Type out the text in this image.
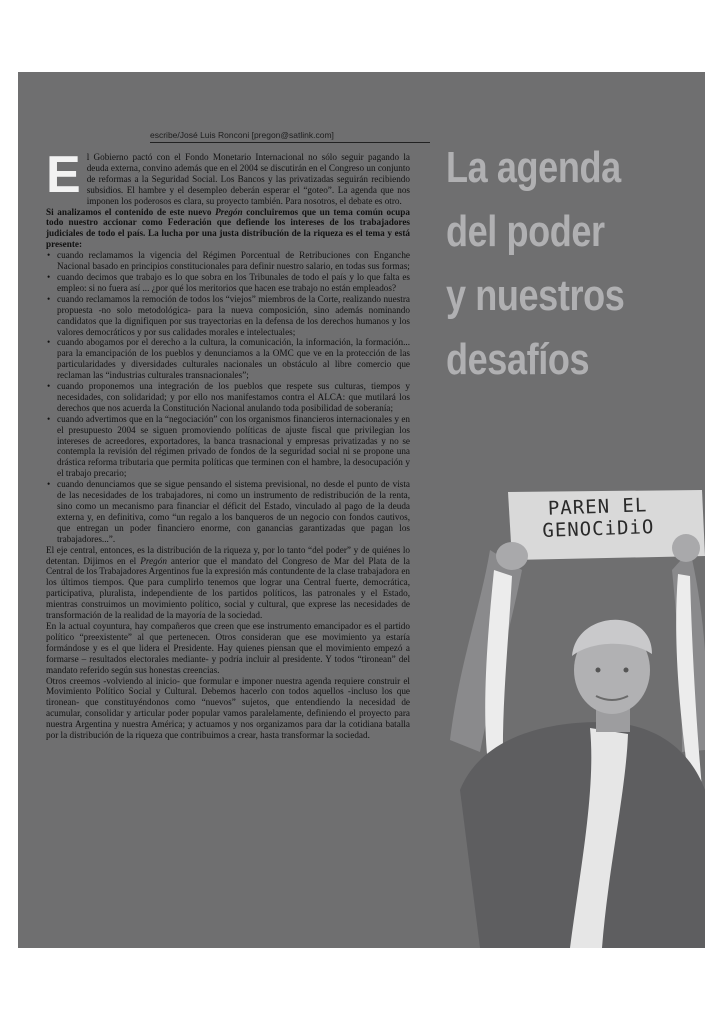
escribe/José Luis Ronconi [pregon@satlink.com]
La agenda
del poder
y nuestros
desafíos

El Gobierno pactó con el Fondo Monetario Internacional no sólo seguir pagando la deuda externa, convino además que en el 2004 se discutirán en el Congreso un conjunto de reformas a la Seguridad Social. Los Bancos y las privatizadas seguirán recibiendo subsidios. El hambre y el desempleo deberán esperar el “goteo”. La agenda que nos imponen los poderosos es clara, su proyecto también. Para nosotros, el debate es otro.

Si analizamos el contenido de este nuevo Pregón concluiremos que un tema común ocupa todo nuestro accionar como Federación que defiende los intereses de los trabajadores judiciales de todo el país. La lucha por una justa distribución de la riqueza es el tema y está presente:

• cuando reclamamos la vigencia del Régimen Porcentual de Retribuciones con Enganche Nacional basado en principios constitucionales para definir nuestro salario, en todas sus formas;
• cuando decimos que trabajo es lo que sobra en los Tribunales de todo el país y lo que falta es empleo: si no fuera así ... ¿por qué los meritorios que hacen ese trabajo no están empleados?
• cuando reclamamos la remoción de todos los “viejos” miembros de la Corte, realizando nuestra propuesta -no solo metodológica- para la nueva composición, sino además nominando candidatos que la dignifiquen por sus trayectorias en la defensa de los derechos humanos y los valores democráticos y por sus calidades morales e intelectuales;
• cuando abogamos por el derecho a la cultura, la comunicación, la información, la formación... para la emancipación de los pueblos y denunciamos a la OMC que ve en la protección de las particularidades y diversidades culturales nacionales un obstáculo al libre comercio que reclaman las “industrias culturales transnacionales”;
• cuando proponemos una integración de los pueblos que respete sus culturas, tiempos y necesidades, con solidaridad; y por ello nos manifestamos contra el ALCA: que mutilará los derechos que nos acuerda la Constitución Nacional anulando toda posibilidad de soberanía;
• cuando advertimos que en la “negociación” con los organismos financieros internacionales y en el presupuesto 2004 se siguen promoviendo políticas de ajuste fiscal que privilegian los intereses de acreedores, exportadores, la banca trasnacional y empresas privatizadas y no se contempla la revisión del régimen privado de fondos de la seguridad social ni se propone una drástica reforma tributaria que permita políticas que terminen con el hambre, la desocupación y el trabajo precario;
• cuando denunciamos que se sigue pensando el sistema previsional, no desde el punto de vista de las necesidades de los trabajadores, ni como un instrumento de redistribución de la renta, sino como un mecanismo para financiar el déficit del Estado, vinculado al pago de la deuda externa y, en definitiva, como “un regalo a los banqueros de un negocio con fondos cautivos, que entregan un poder financiero enorme, con ganancias garantizadas que pagan los trabajadores...”.

El eje central, entonces, es la distribución de la riqueza y, por lo tanto “del poder” y de quiénes lo detentan. Dijimos en el Pregón anterior que el mandato del Congreso de Mar del Plata de la Central de los Trabajadores Argentinos fue la expresión más contundente de la clase trabajadora en los últimos tiempos. Que para cumplirlo tenemos que lograr una Central fuerte, democrática, participativa, pluralista, independiente de los partidos políticos, las patronales y el Estado, mientras construimos un movimiento político, social y cultural, que exprese las necesidades de transformación de la realidad de la mayoría de la sociedad.

En la actual coyuntura, hay compañeros que creen que ese instrumento emancipador es el partido político “preexistente” al que pertenecen. Otros consideran que ese movimiento ya estaría formándose y es el que lidera el Presidente. Hay quienes piensan que el movimiento empezó a formarse – resultados electorales mediante- y podría incluir al presidente. Y todos “tironean” del mandato referido según sus honestas creencias.

Otros creemos -volviendo al inicio- que formular e imponer nuestra agenda requiere construir el Movimiento Político Social y Cultural. Debemos hacerlo con todos aquellos -incluso los que tironean- que constituyéndonos como “nuevos” sujetos, que entendiendo la necesidad de acumular, consolidar y articular poder popular vamos paralelamente, definiendo el proyecto para nuestra Argentina y nuestra América; y actuamos y nos organizamos para dar la cotidiana batalla por la distribución de la riqueza que contribuimos a crear, hasta transformar la sociedad.

PAREN EL
GENOCiDiO
